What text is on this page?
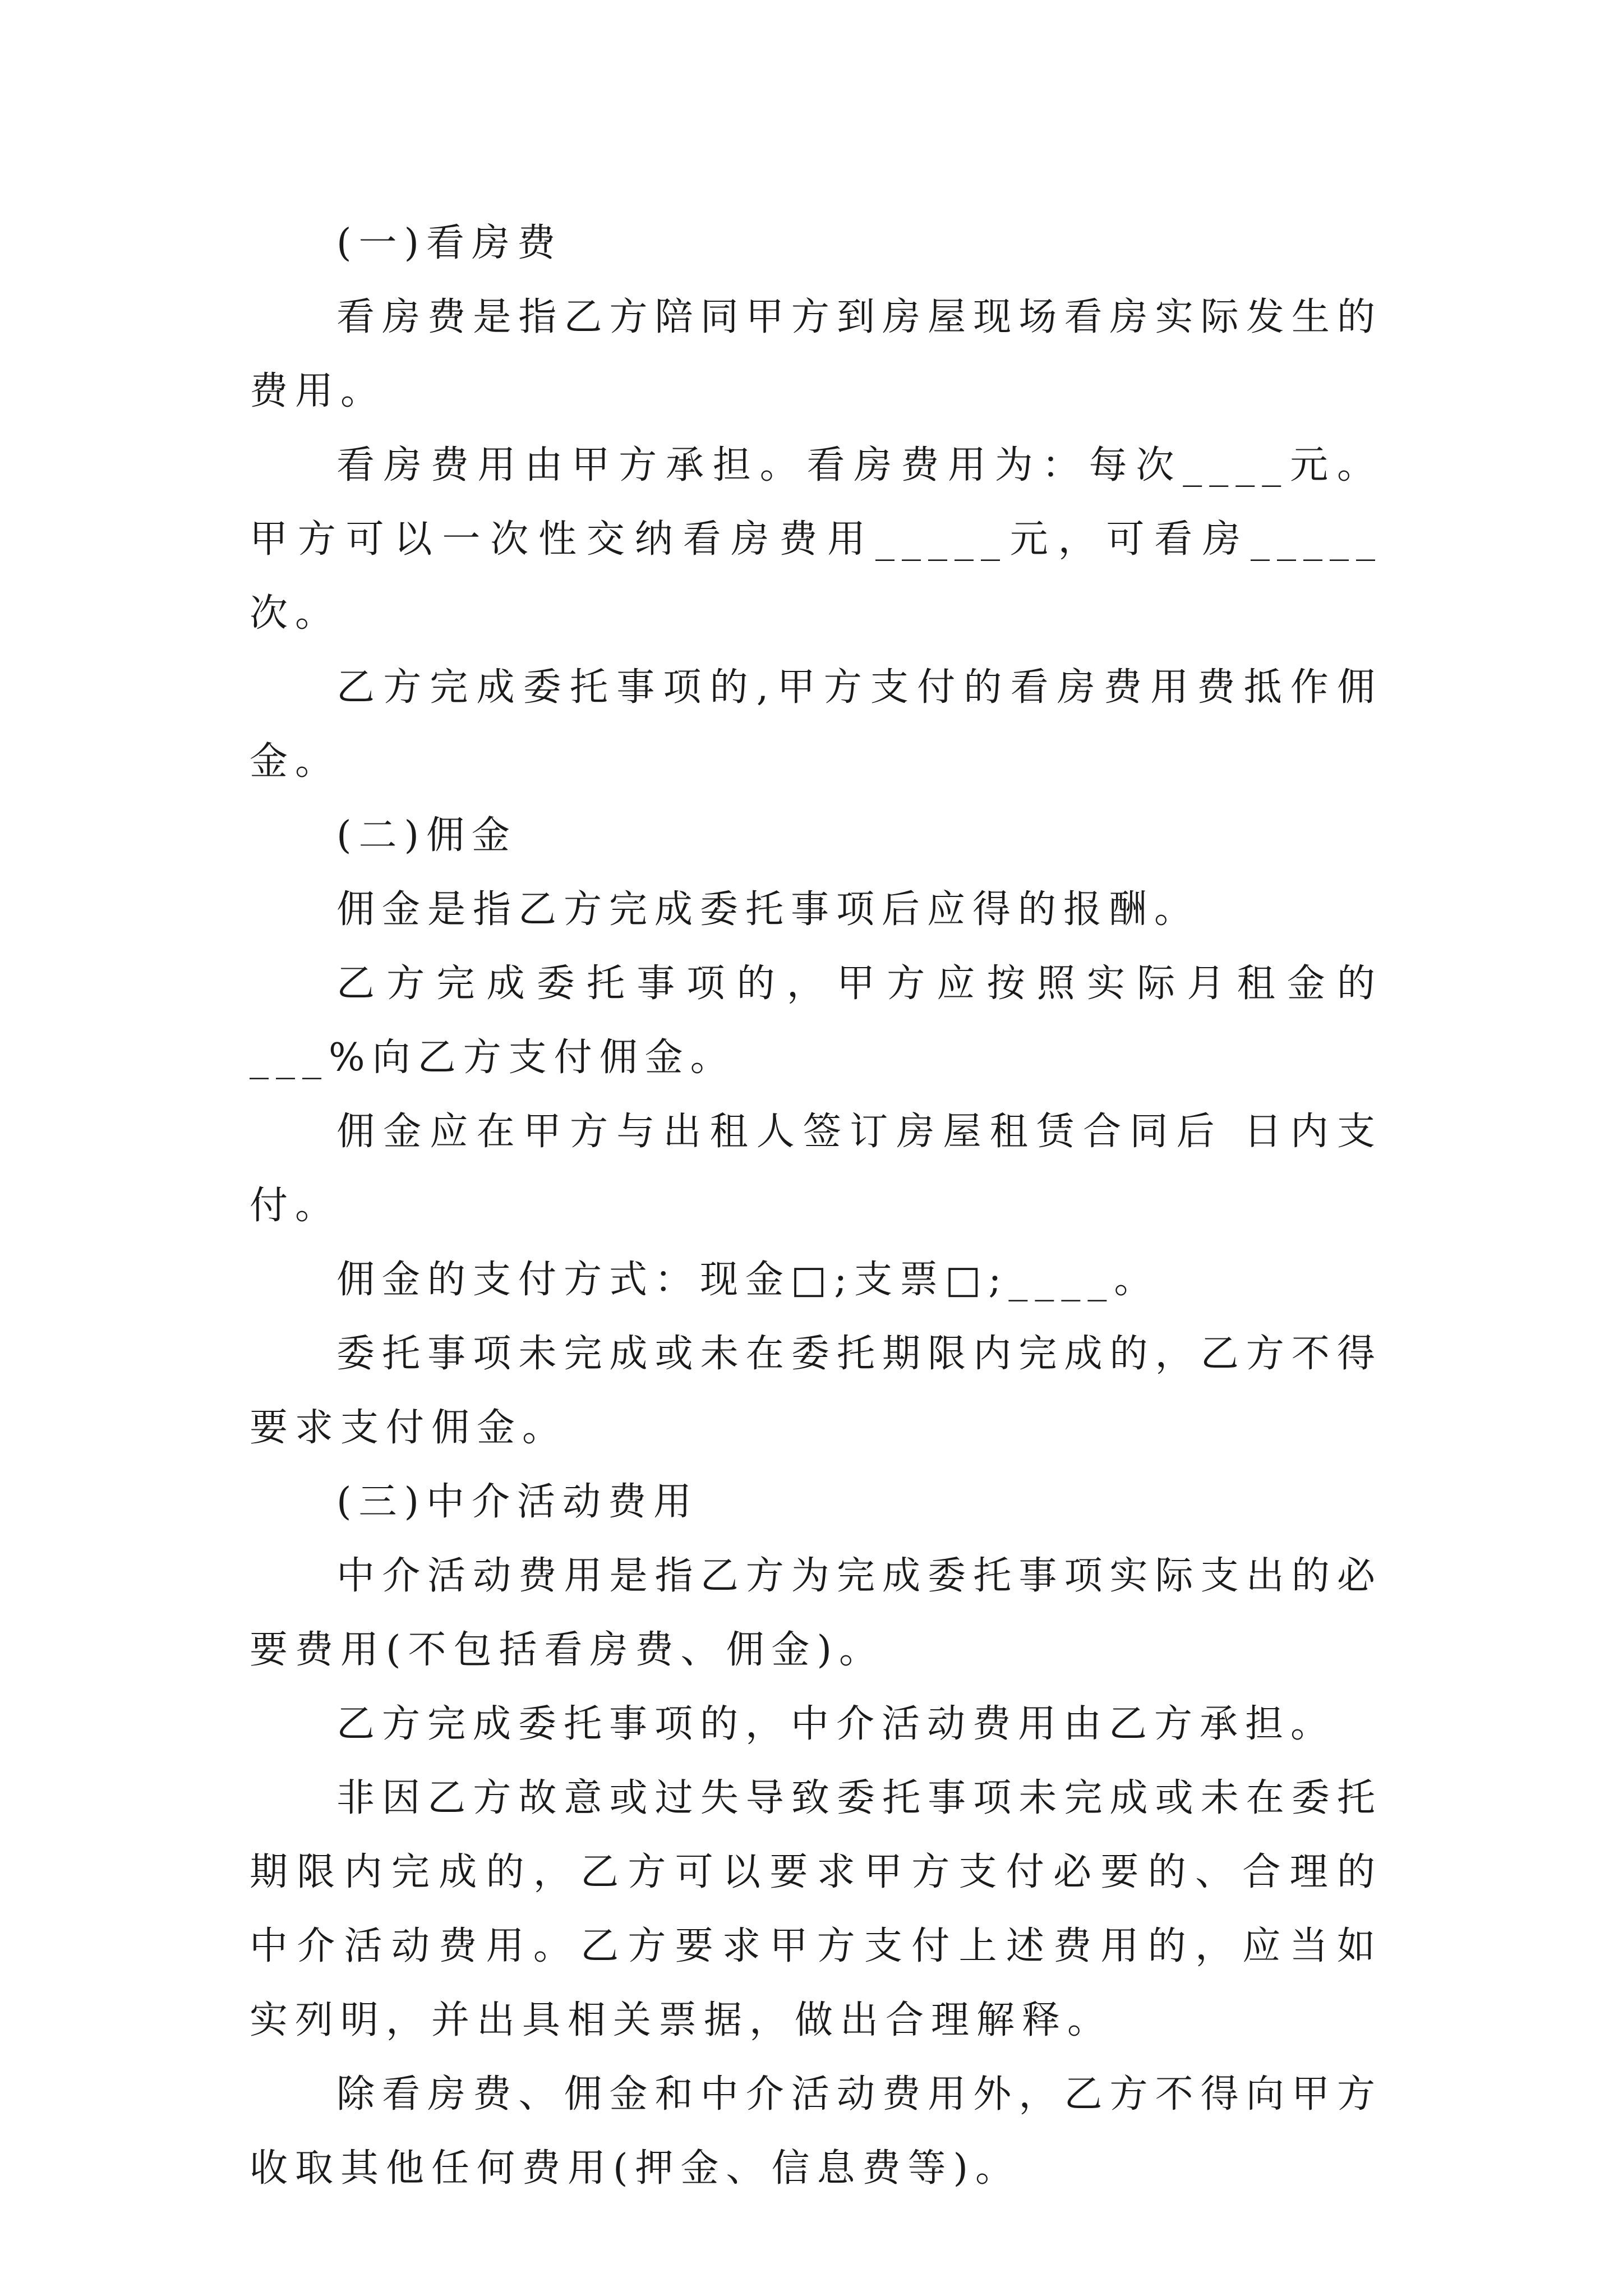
(一)看房费

看房费是指乙方陪同甲方到房屋现场看房实际发生的费用。

看房费用由甲方承担。看房费用为：每次____元。甲方可以一次性交纳看房费用_____元，可看房_____次。

乙方完成委托事项的,甲方支付的看房费用费抵作佣金。

(二)佣金

佣金是指乙方完成委托事项后应得的报酬。

乙方完成委托事项的，甲方应按照实际月租金的___%向乙方支付佣金。

佣金应在甲方与出租人签订房屋租赁合同后 日内支付。

佣金的支付方式：现金□;支票□;____。

委托事项未完成或未在委托期限内完成的，乙方不得要求支付佣金。

(三)中介活动费用

中介活动费用是指乙方为完成委托事项实际支出的必要费用(不包括看房费、佣金)。

乙方完成委托事项的，中介活动费用由乙方承担。

非因乙方故意或过失导致委托事项未完成或未在委托期限内完成的，乙方可以要求甲方支付必要的、合理的中介活动费用。乙方要求甲方支付上述费用的，应当如实列明，并出具相关票据，做出合理解释。

除看房费、佣金和中介活动费用外，乙方不得向甲方收取其他任何费用(押金、信息费等)。
